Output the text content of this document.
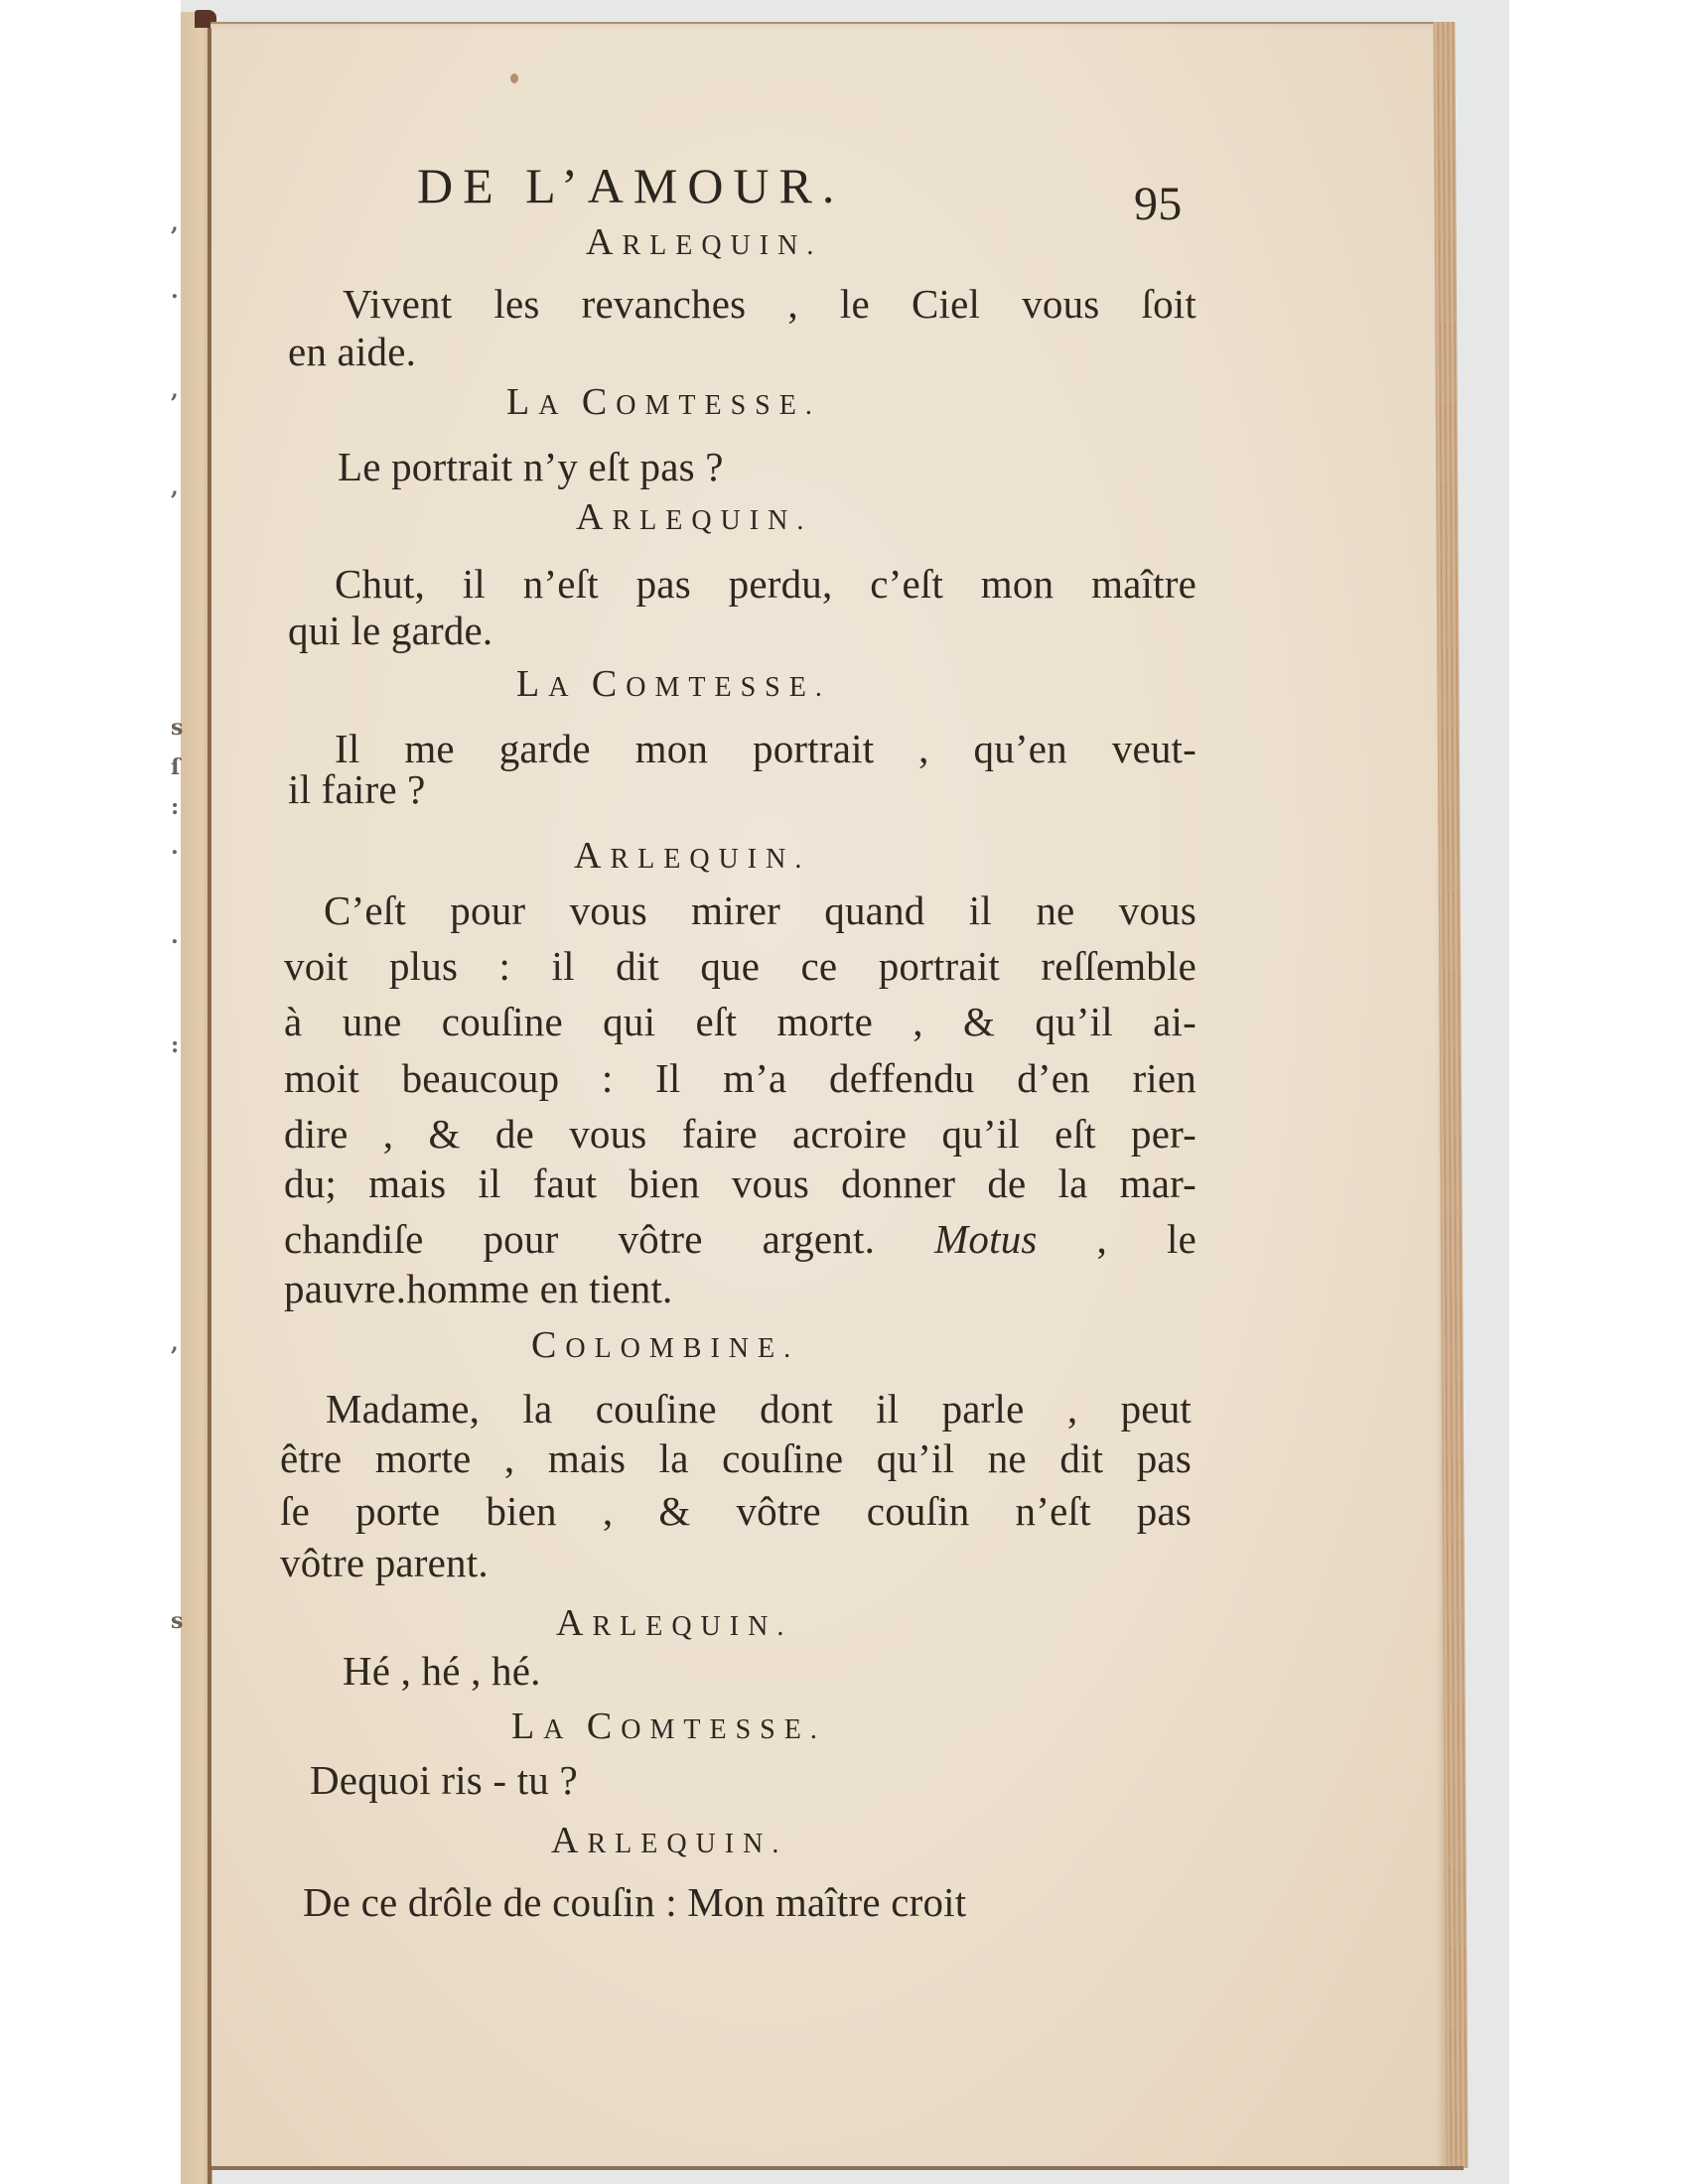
,
.
,
,
s
ſ
:
.
.
:
,
s
DE L’AMOUR.	95
ARLEQUIN.
Vivent les revanches , le Ciel vous ſoit
en aide.
LA COMTESSE.
Le portrait n’y eſt pas ?
ARLEQUIN.
Chut, il n’eſt pas perdu, c’eſt mon maître
qui le garde.
LA COMTESSE.
Il me garde mon portrait , qu’en veut-
il faire ?
ARLEQUIN.
C’eſt pour vous mirer quand il ne vous
voit plus : il dit que ce portrait reſſemble
à une couſine qui eſt morte , & qu’il ai-
moit beaucoup : Il m’a deffendu d’en rien
dire , & de vous faire acroire qu’il eſt per-
du; mais il faut bien vous donner de la mar-
chandiſe pour vôtre argent. Motus , le
pauvre.homme en tient.
COLOMBINE.
Madame, la couſine dont il parle , peut
être morte , mais la couſine qu’il ne dit pas
ſe porte bien , & vôtre couſin n’eſt pas
vôtre parent.
ARLEQUIN.
Hé , hé , hé.
LA COMTESSE.
Dequoi ris - tu ?
ARLEQUIN.
De ce drôle de couſin : Mon maître croit
